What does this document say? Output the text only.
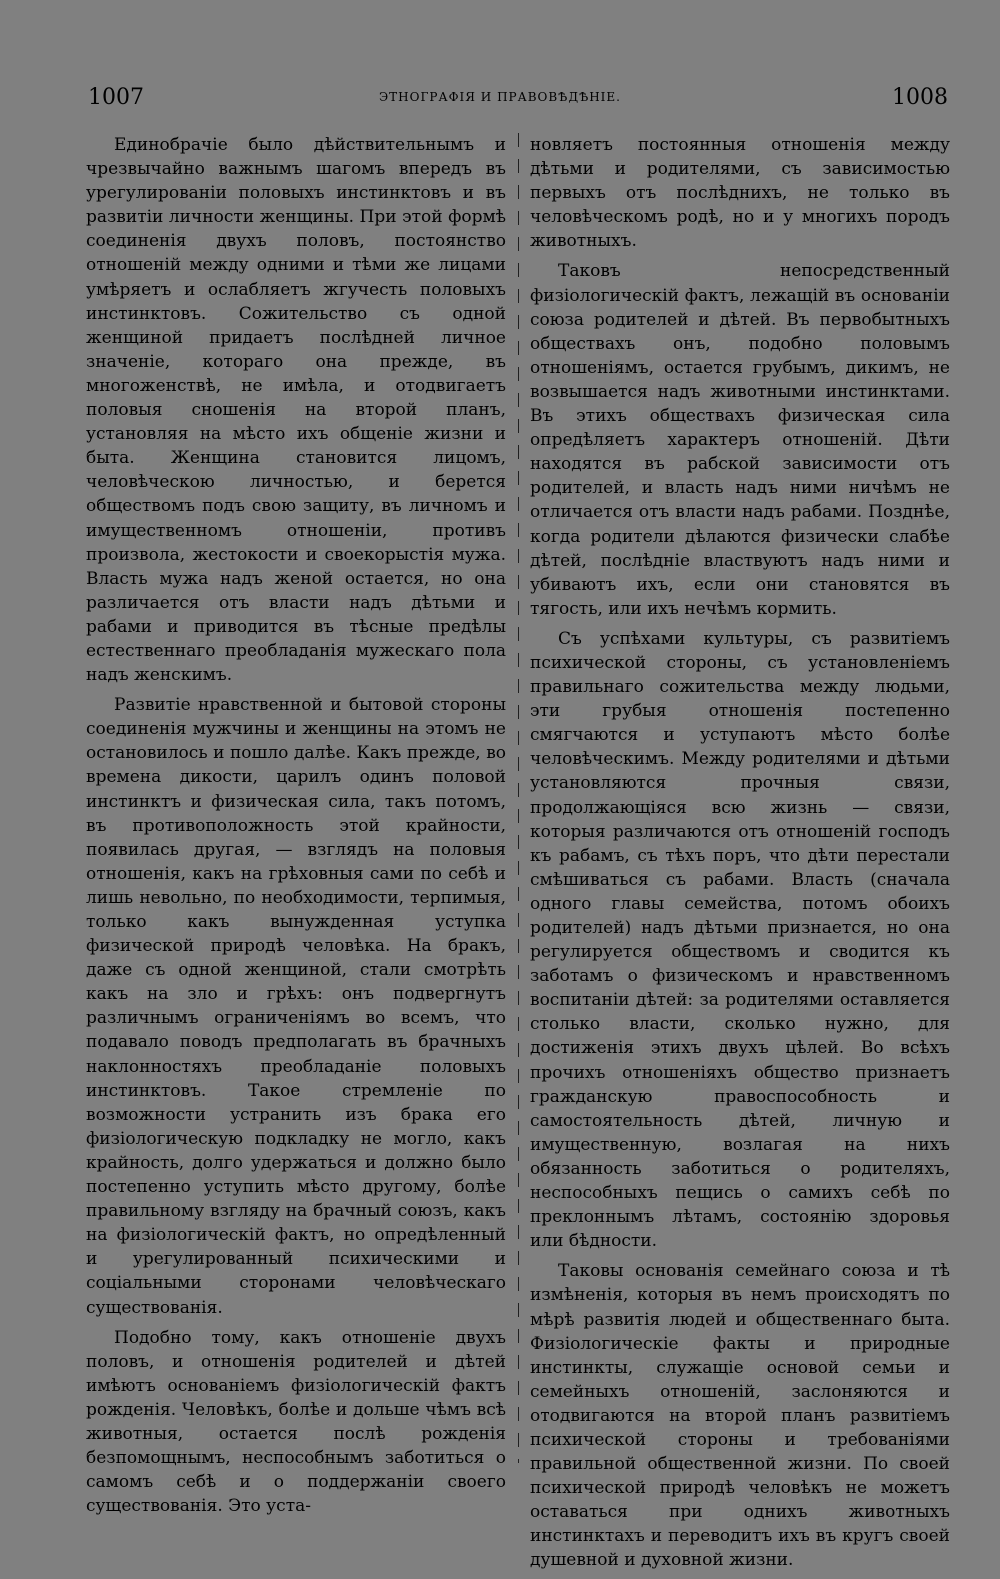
1007	ЭТНОГРАФІЯ И ПРАВОВѢДѢНІЕ.	1008

Единобрачіе было дѣйствительнымъ и чрезвычайно важнымъ шагомъ впередъ въ урегулированіи половыхъ инстинктовъ и въ развитіи личности женщины. При этой формѣ соединенія двухъ половъ, постоянство отношеній между одними и тѣми же лицами умѣряетъ и ослабляетъ жгучесть половыхъ инстинктовъ. Сожительство съ одной женщиной придаетъ послѣдней личное значеніе, котораго она прежде, въ многоженствѣ, не имѣла, и отодвигаетъ половыя сношенія на второй планъ, установляя на мѣсто ихъ общеніе жизни и быта. Женщина становится лицомъ, человѣческою личностью, и берется обществомъ подъ свою защиту, въ личномъ и имущественномъ отношеніи, противъ произвола, жестокости и своекорыстія мужа. Власть мужа надъ женой остается, но она различается отъ власти надъ дѣтьми и рабами и приводится въ тѣсные предѣлы естественнаго преобладанія мужескаго пола надъ женскимъ.

Развитіе нравственной и бытовой стороны соединенія мужчины и женщины на этомъ не остановилось и пошло далѣе. Какъ прежде, во времена дикости, царилъ одинъ половой инстинктъ и физическая сила, такъ потомъ, въ противоположность этой крайности, появилась другая, — взглядъ на половыя отношенія, какъ на грѣховныя сами по себѣ и лишь невольно, по необходимости, терпимыя, только какъ вынужденная уступка физической природѣ человѣка. На бракъ, даже съ одной женщиной, стали смотрѣть какъ на зло и грѣхъ: онъ подвергнутъ различнымъ ограниченіямъ во всемъ, что подавало поводъ предполагать въ брачныхъ наклонностяхъ преобладаніе половыхъ инстинктовъ. Такое стремленіе по возможности устранить изъ брака его физіологическую подкладку не могло, какъ крайность, долго удержаться и должно было постепенно уступить мѣсто другому, болѣе правильному взгляду на брачный союзъ, какъ на физіологическій фактъ, но опредѣленный и урегулированный психическими и соціальными сторонами человѣческаго существованія.

Подобно тому, какъ отношеніе двухъ половъ, и отношенія родителей и дѣтей имѣютъ основаніемъ физіологическій фактъ рожденія. Человѣкъ, болѣе и дольше чѣмъ всѣ животныя, остается послѣ рожденія безпомощнымъ, неспособнымъ заботиться о самомъ себѣ и о поддержаніи своего существованія. Это уста-

новляетъ постоянныя отношенія между дѣтьми и родителями, съ зависимостью первыхъ отъ послѣднихъ, не только въ человѣческомъ родѣ, но и у многихъ породъ животныхъ.

Таковъ непосредственный физіологическій фактъ, лежащій въ основаніи союза родителей и дѣтей. Въ первобытныхъ обществахъ онъ, подобно половымъ отношеніямъ, остается грубымъ, дикимъ, не возвышается надъ животными инстинктами. Въ этихъ обществахъ физическая сила опредѣляетъ характеръ отношеній. Дѣти находятся въ рабской зависимости отъ родителей, и власть надъ ними ничѣмъ не отличается отъ власти надъ рабами. Позднѣе, когда родители дѣлаются физически слабѣе дѣтей, послѣдніе властвуютъ надъ ними и убиваютъ ихъ, если они становятся въ тягость, или ихъ нечѣмъ кормить.

Съ успѣхами культуры, съ развитіемъ психической стороны, съ установленіемъ правильнаго сожительства между людьми, эти грубыя отношенія постепенно смягчаются и уступаютъ мѣсто болѣе человѣческимъ. Между родителями и дѣтьми установляются прочныя связи, продолжающіяся всю жизнь — связи, которыя различаются отъ отношеній господъ къ рабамъ, съ тѣхъ поръ, что дѣти перестали смѣшиваться съ рабами. Власть (сначала одного главы семейства, потомъ обоихъ родителей) надъ дѣтьми признается, но она регулируется обществомъ и сводится къ заботамъ о физическомъ и нравственномъ воспитаніи дѣтей: за родителями оставляется столько власти, сколько нужно, для достиженія этихъ двухъ цѣлей. Во всѣхъ прочихъ отношеніяхъ общество признаетъ гражданскую правоспособность и самостоятельность дѣтей, личную и имущественную, возлагая на нихъ обязанность заботиться о родителяхъ, неспособныхъ пещись о самихъ себѣ по преклоннымъ лѣтамъ, состоянію здоровья или бѣдности.

Таковы основанія семейнаго союза и тѣ измѣненія, которыя въ немъ происходятъ по мѣрѣ развитія людей и общественнаго быта. Физіологическіе факты и природные инстинкты, служащіе основой семьи и семейныхъ отношеній, заслоняются и отодвигаются на второй планъ развитіемъ психической стороны и требованіями правильной общественной жизни. По своей психической природѣ человѣкъ не можетъ оставаться при однихъ животныхъ инстинктахъ и переводитъ ихъ въ кругъ своей душевной и духовной жизни.
